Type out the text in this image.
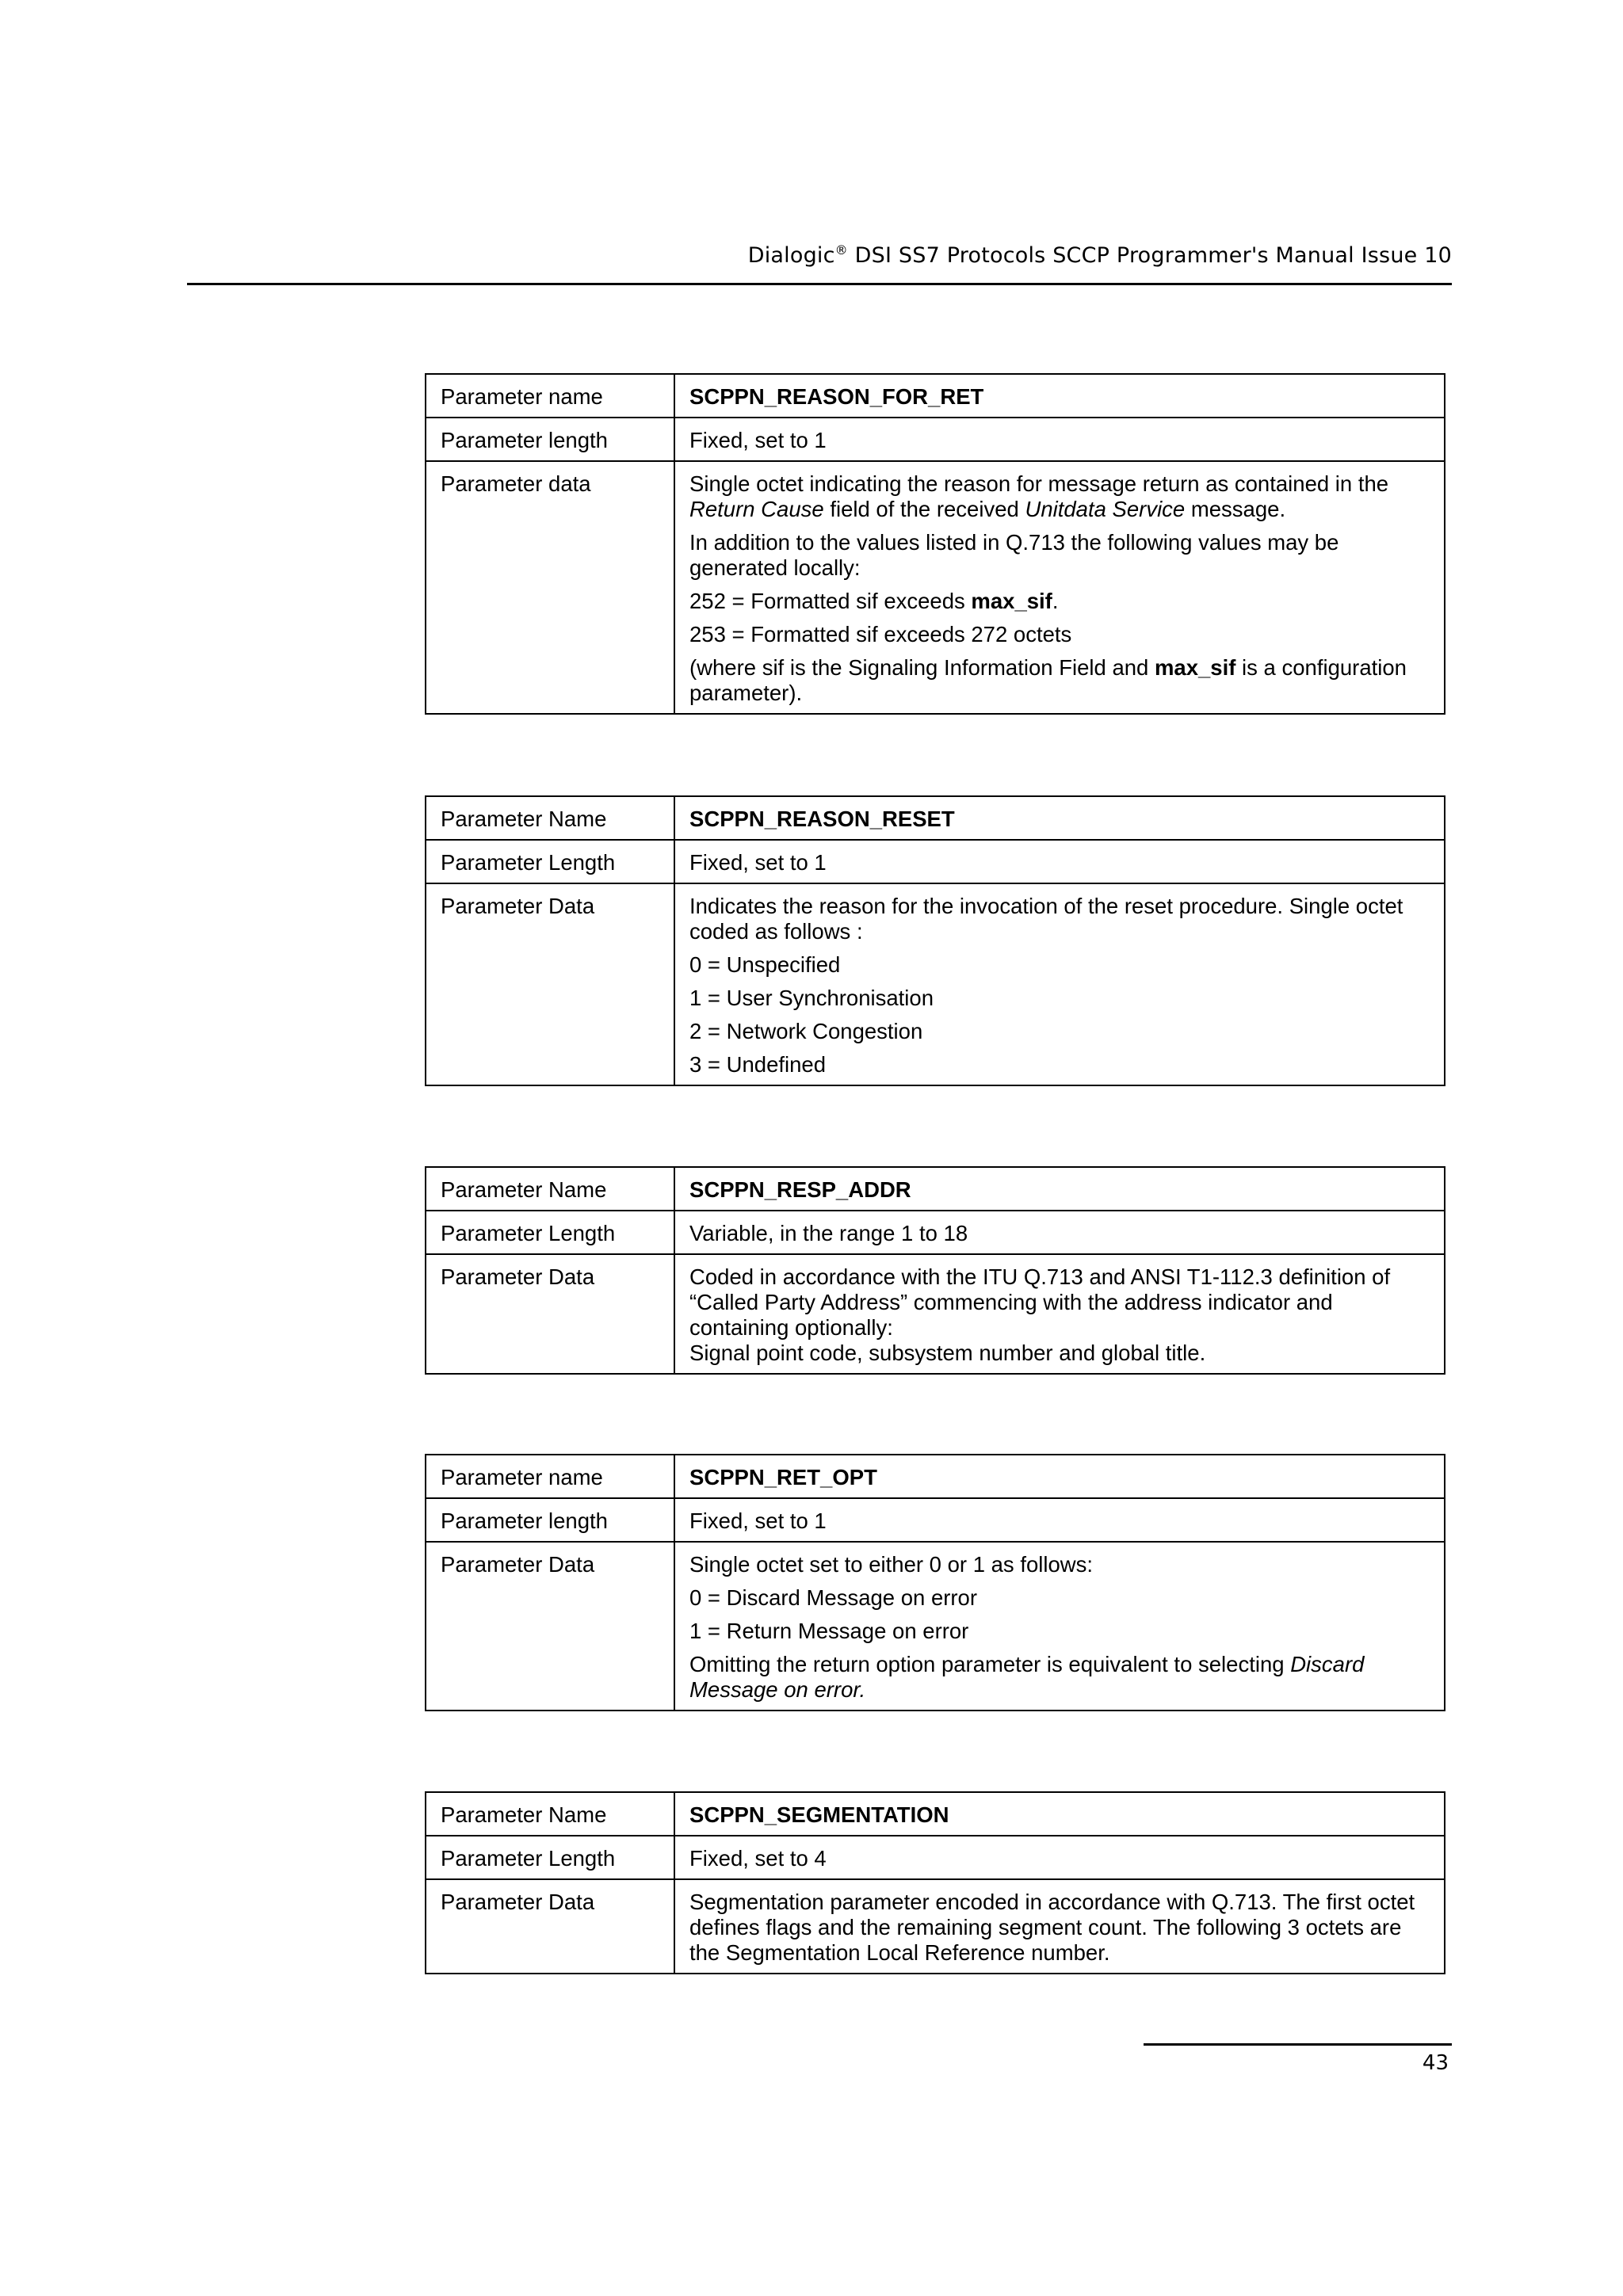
Dialogic® DSI SS7 Protocols SCCP Programmer's Manual Issue 10
Parameter name	SCPPN_REASON_FOR_RET
Parameter length	Fixed, set to 1
Parameter data	Single octet indicating the reason for message return as contained in the Return Cause field of the received Unitdata Service message.

In addition to the values listed in Q.713 the following values may be generated locally:

252 = Formatted sif exceeds max_sif.

253 = Formatted sif exceeds 272 octets

(where sif is the Signaling Information Field and max_sif is a configuration parameter).

Parameter Name	SCPPN_REASON_RESET
Parameter Length	Fixed, set to 1
Parameter Data	Indicates the reason for the invocation of the reset procedure. Single octet coded as follows :

0 = Unspecified

1 = User Synchronisation

2 = Network Congestion

3 = Undefined

Parameter Name	SCPPN_RESP_ADDR
Parameter Length	Variable, in the range 1 to 18
Parameter Data	Coded in accordance with the ITU Q.713 and ANSI T1-112.3 definition of “Called Party Address” commencing with the address indicator and containing optionally:
Signal point code, subsystem number and global title.
Parameter name	SCPPN_RET_OPT
Parameter length	Fixed, set to 1
Parameter Data	Single octet set to either 0 or 1 as follows:

0 = Discard Message on error

1 = Return Message on error

Omitting the return option parameter is equivalent to selecting Discard Message on error.

Parameter Name	SCPPN_SEGMENTATION
Parameter Length	Fixed, set to 4
Parameter Data	Segmentation parameter encoded in accordance with Q.713. The first octet defines flags and the remaining segment count. The following 3 octets are the Segmentation Local Reference number.
43
